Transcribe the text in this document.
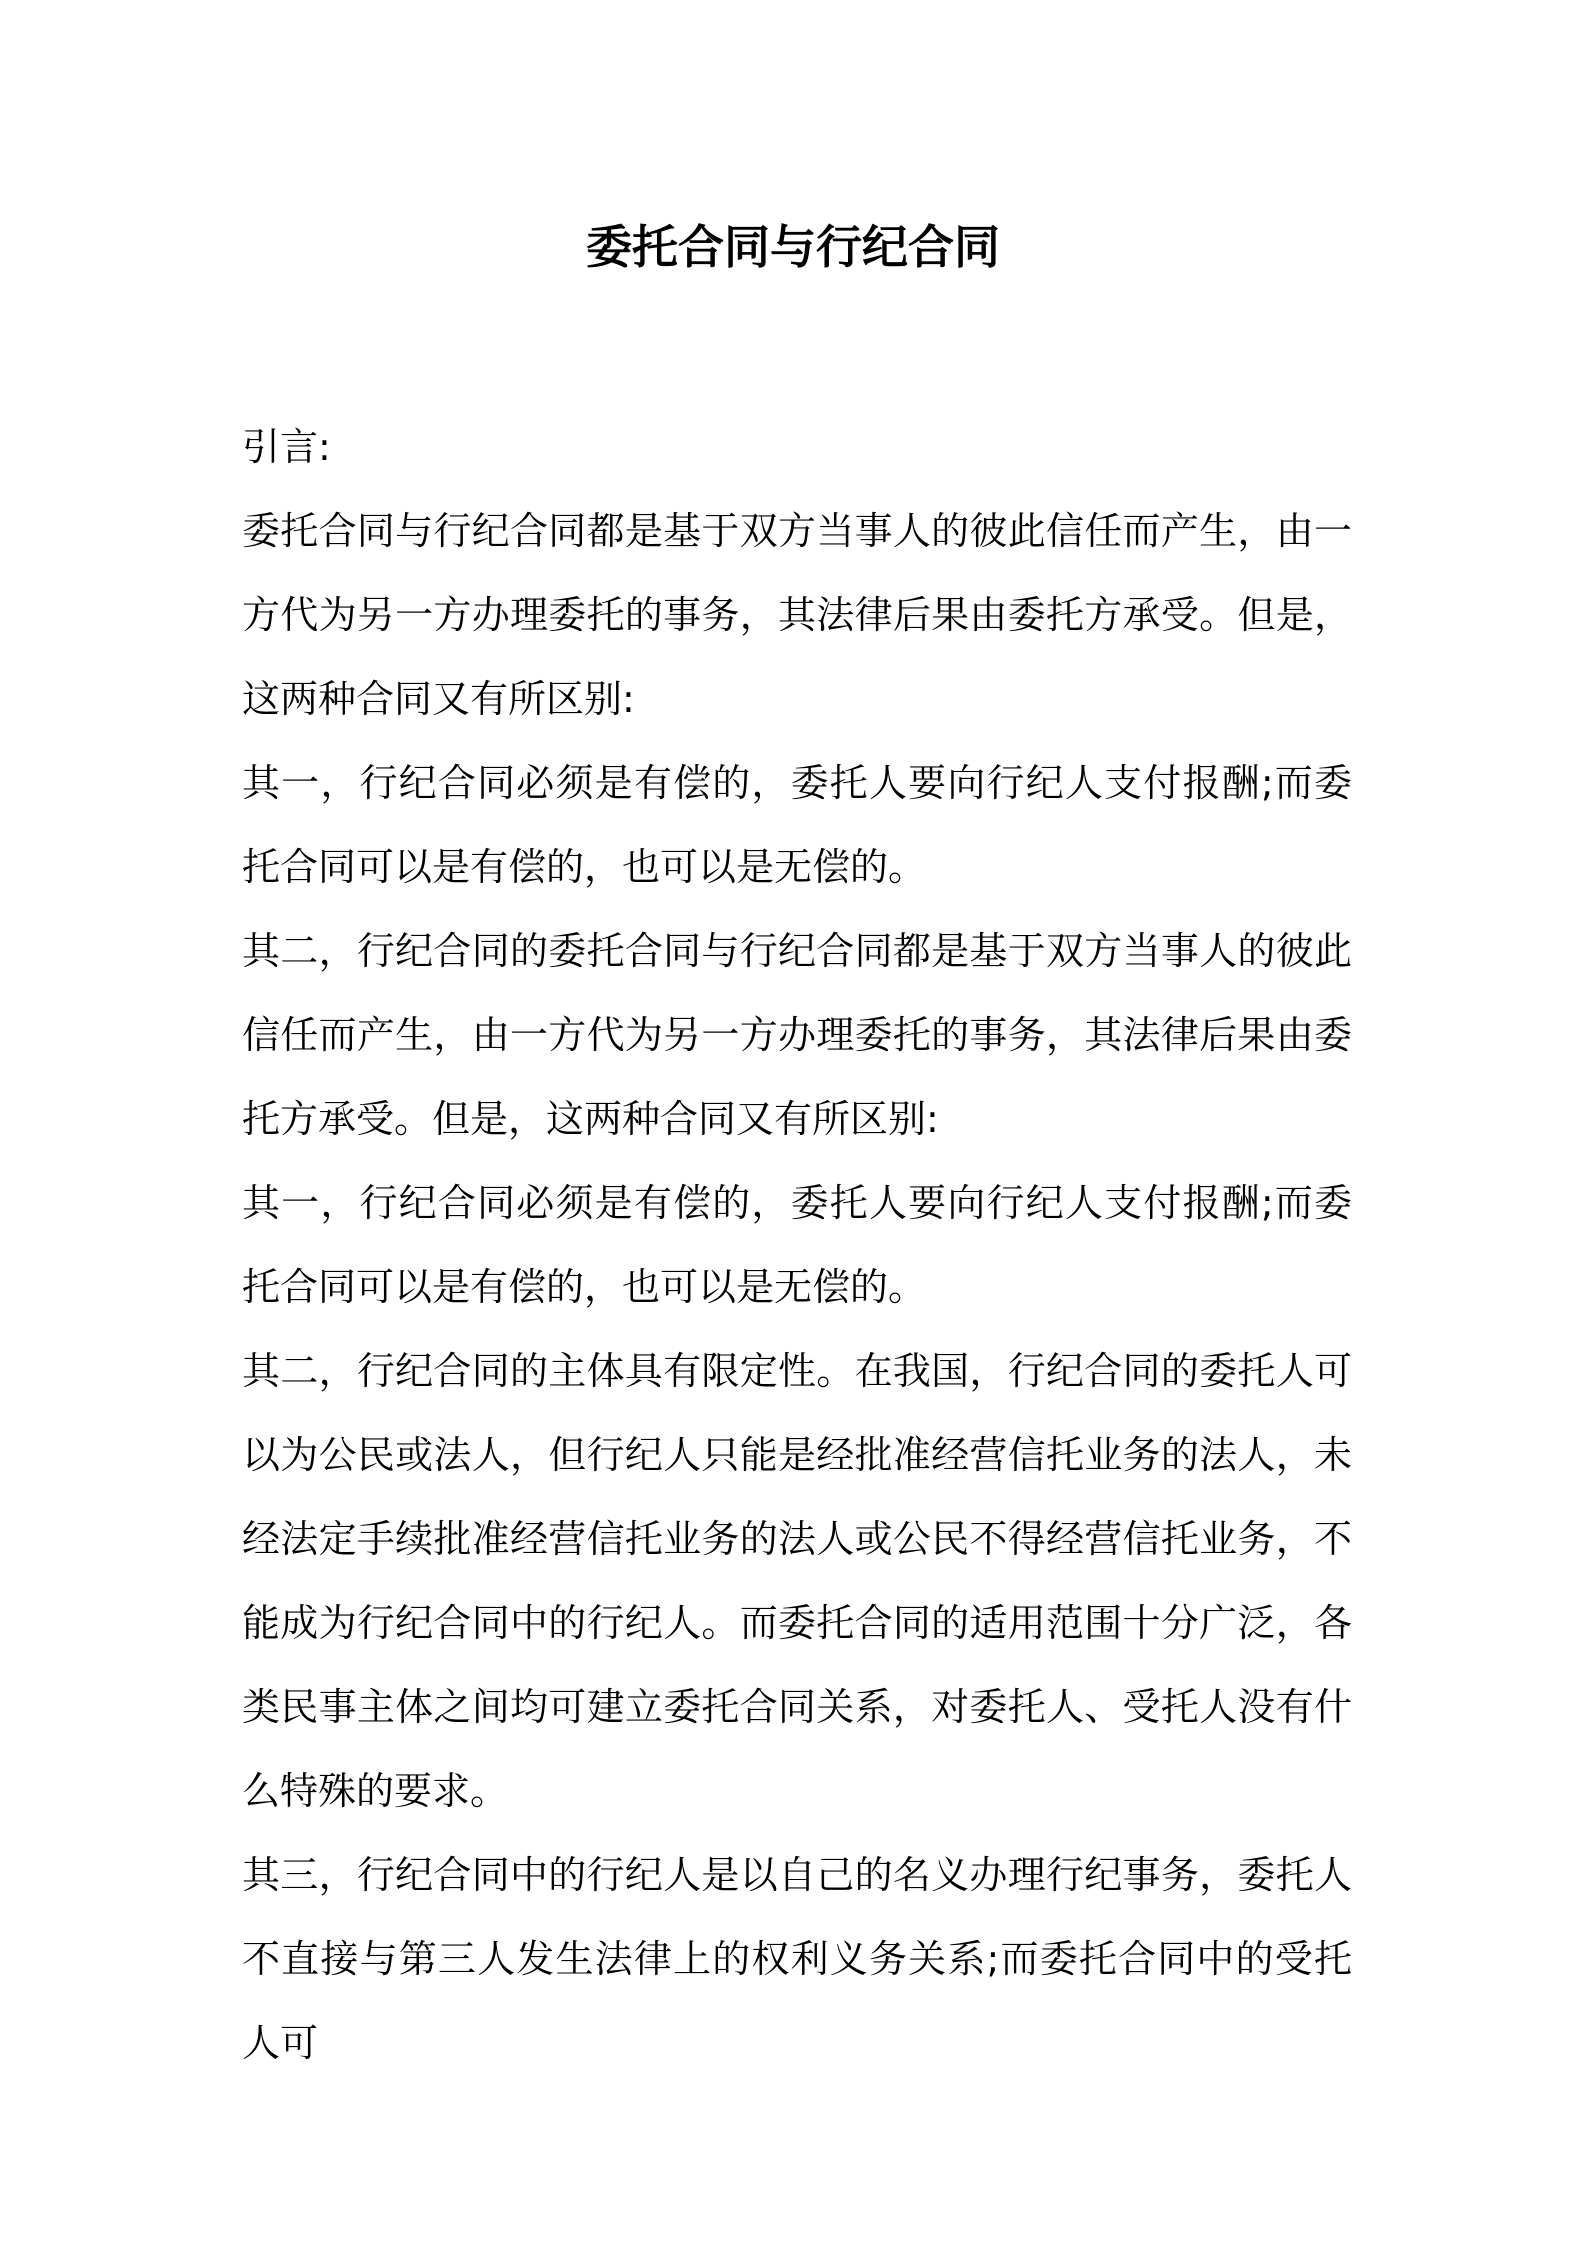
委托合同与行纪合同

引言:

委托合同与行纪合同都是基于双方当事人的彼此信任而产生，由一方代为另一方办理委托的事务，其法律后果由委托方承受。但是，这两种合同又有所区别:

其一，行纪合同必须是有偿的，委托人要向行纪人支付报酬;而委托合同可以是有偿的，也可以是无偿的。

其二，行纪合同的委托合同与行纪合同都是基于双方当事人的彼此信任而产生，由一方代为另一方办理委托的事务，其法律后果由委托方承受。但是，这两种合同又有所区别:

其一，行纪合同必须是有偿的，委托人要向行纪人支付报酬;而委托合同可以是有偿的，也可以是无偿的。

其二，行纪合同的主体具有限定性。在我国，行纪合同的委托人可以为公民或法人，但行纪人只能是经批准经营信托业务的法人，未经法定手续批准经营信托业务的法人或公民不得经营信托业务，不能成为行纪合同中的行纪人。而委托合同的适用范围十分广泛，各类民事主体之间均可建立委托合同关系，对委托人、受托人没有什么特殊的要求。

其三，行纪合同中的行纪人是以自己的名义办理行纪事务，委托人不直接与第三人发生法律上的权利义务关系;而委托合同中的受托人可
